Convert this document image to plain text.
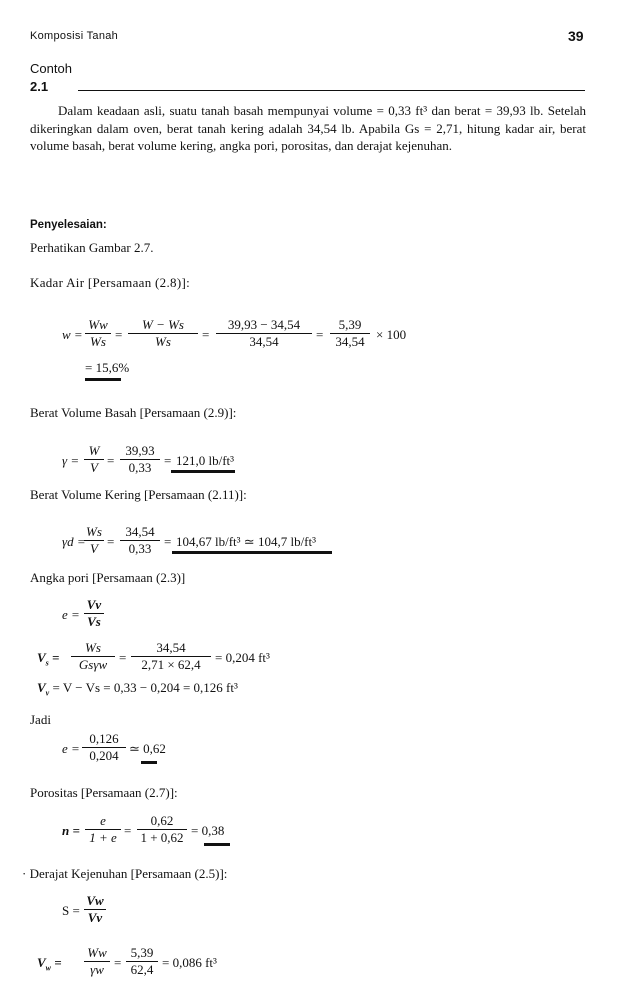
Komposisi Tanah	39
Contoh
2.1
Dalam keadaan asli, suatu tanah basah mempunyai volume = 0,33 ft³ dan berat = 39,93 lb. Setelah dikeringkan dalam oven, berat tanah kering adalah 34,54 lb. Apabila Gs = 2,71, hitung kadar air, berat volume basah, berat volume kering, angka pori, porositas, dan derajat kejenuhan.
Penyelesaian:
Perhatikan Gambar 2.7.
Kadar Air [Persamaan (2.8)]:
$w = \frac{Ww}{Ws} = \frac{W - Ws}{Ws} = \frac{39,93 - 34,54}{34,54} = \frac{5,39}{34,54} \times 100$
= 15,6%
Berat Volume Basah [Persamaan (2.9)]:
$\gamma = \frac{W}{V} = \frac{39,93}{0,33} = 121,0$ lb/ft³
Berat Volume Kering [Persamaan (2.11)]:
γd =
$\frac{Ws}{V} = \frac{34,54}{0,33} = 104,67$ lb/ft³ ≃ 104,7 lb/ft³
Angka pori [Persamaan (2.3)]
$e = \frac{Vv}{Vs}$
$V_s$ =
Ws
$Gs\gamma w = \frac{34,54}{2,71 \times 62,4} = 0,204$ ft³
$V_v = V - Vs = 0,33 - 0,204 = 0,126$ ft³
Jadi
$e = \frac{0,126}{0,204}$ ≃ 0,62
Porositas [Persamaan (2.7)]:
$n = \frac{e}{1 + e} = \frac{0,62}{1 + 0,62} = 0,38$
· Derajat Kejenuhan [Persamaan (2.5)]:
$S = \frac{Vw}{Vv}$
$V_w = \frac{Ww}{\gamma w} = \frac{5,39}{62,4} = 0,086$ ft³
